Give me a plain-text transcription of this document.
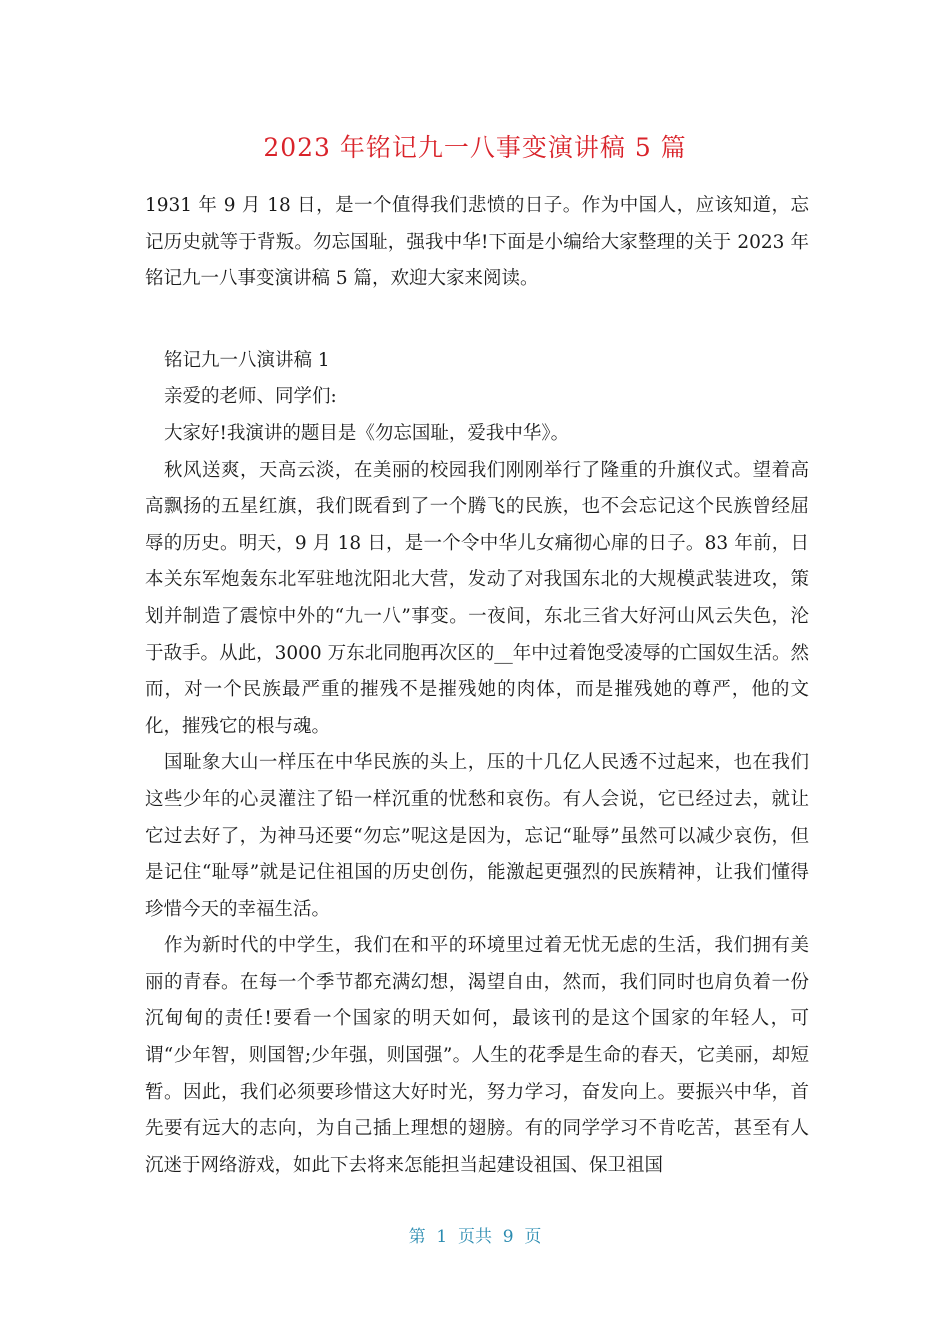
2023 年铭记九一八事变演讲稿 5 篇

1931 年 9 月 18 日，是一个值得我们悲愤的日子。作为中国人，应该知道，忘记历史就等于背叛。勿忘国耻，强我中华!下面是小编给大家整理的关于 2023 年铭记九一八事变演讲稿 5 篇，欢迎大家来阅读。

铭记九一八演讲稿 1

亲爱的老师、同学们:

大家好!我演讲的题目是《勿忘国耻，爱我中华》。

秋风送爽，天高云淡，在美丽的校园我们刚刚举行了隆重的升旗仪式。望着高高飘扬的五星红旗，我们既看到了一个腾飞的民族，也不会忘记这个民族曾经屈辱的历史。明天，9 月 18 日，是一个令中华儿女痛彻心扉的日子。83 年前，日本关东军炮轰东北军驻地沈阳北大营，发动了对我国东北的大规模武装进攻，策划并制造了震惊中外的“九一八”事变。一夜间，东北三省大好河山风云失色，沦于敌手。从此，3000 万东北同胞再次区的__年中过着饱受凌辱的亡国奴生活。然而，对一个民族最严重的摧残不是摧残她的肉体，而是摧残她的尊严，他的文化，摧残它的根与魂。

国耻象大山一样压在中华民族的头上，压的十几亿人民透不过起来，也在我们这些少年的心灵灌注了铅一样沉重的忧愁和哀伤。有人会说，它已经过去，就让它过去好了，为神马还要“勿忘”呢这是因为，忘记“耻辱”虽然可以减少哀伤，但是记住“耻辱”就是记住祖国的历史创伤，能激起更强烈的民族精神，让我们懂得珍惜今天的幸福生活。

作为新时代的中学生，我们在和平的环境里过着无忧无虑的生活，我们拥有美丽的青春。在每一个季节都充满幻想，渴望自由，然而，我们同时也肩负着一份沉甸甸的责任!要看一个国家的明天如何，最该刊的是这个国家的年轻人，可谓“少年智，则国智;少年强，则国强”。人生的花季是生命的春天，它美丽，却短暂。因此，我们必须要珍惜这大好时光，努力学习，奋发向上。要振兴中华，首先要有远大的志向，为自己插上理想的翅膀。有的同学学习不肯吃苦，甚至有人沉迷于网络游戏，如此下去将来怎能担当起建设祖国、保卫祖国

第  1  页共  9  页
